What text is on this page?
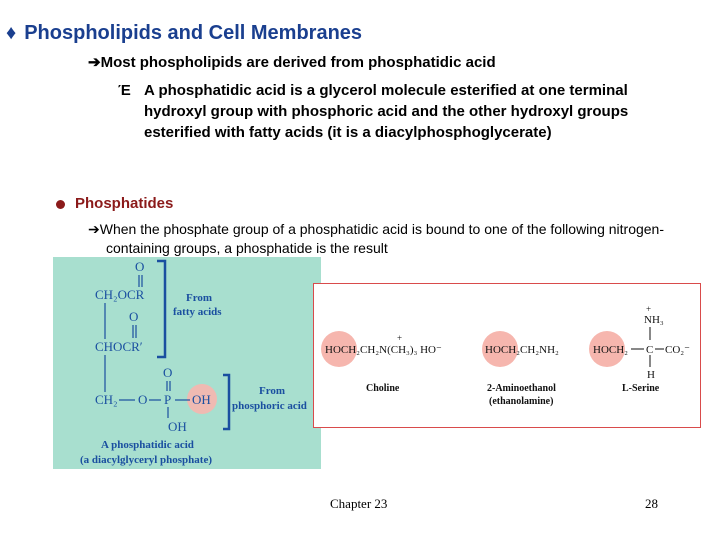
♦ Phospholipids and Cell Membranes
➔Most phospholipids are derived from phosphatidic acid
Έ A phosphatidic acid is a glycerol molecule esterified at one terminal hydroxyl group with phosphoric acid and the other hydroxyl groups esterified with fatty acids (it is a diacylphosphoglycerate)
Phosphatides
➔When the phosphate group of a phosphatidic acid is bound to one of the following nitrogen-containing groups, a phosphatide is the result
O
CH₂OCR
O
CHOCR′
O
CH₂ O P
OH
OH
From
fatty acids
From
phosphoric acid
A phosphatidic acid
(a diacylglyceryl phosphate)
HOCH₂CH₂N(CH₃)₃ HO⁻
+
HOCH₂CH₂NH₂	HOCH₂ C CO₂⁻
NH₃
+
H
Choline	2-Aminoethanol
(ethanolamine)
L-Serine
Chapter 23	28
